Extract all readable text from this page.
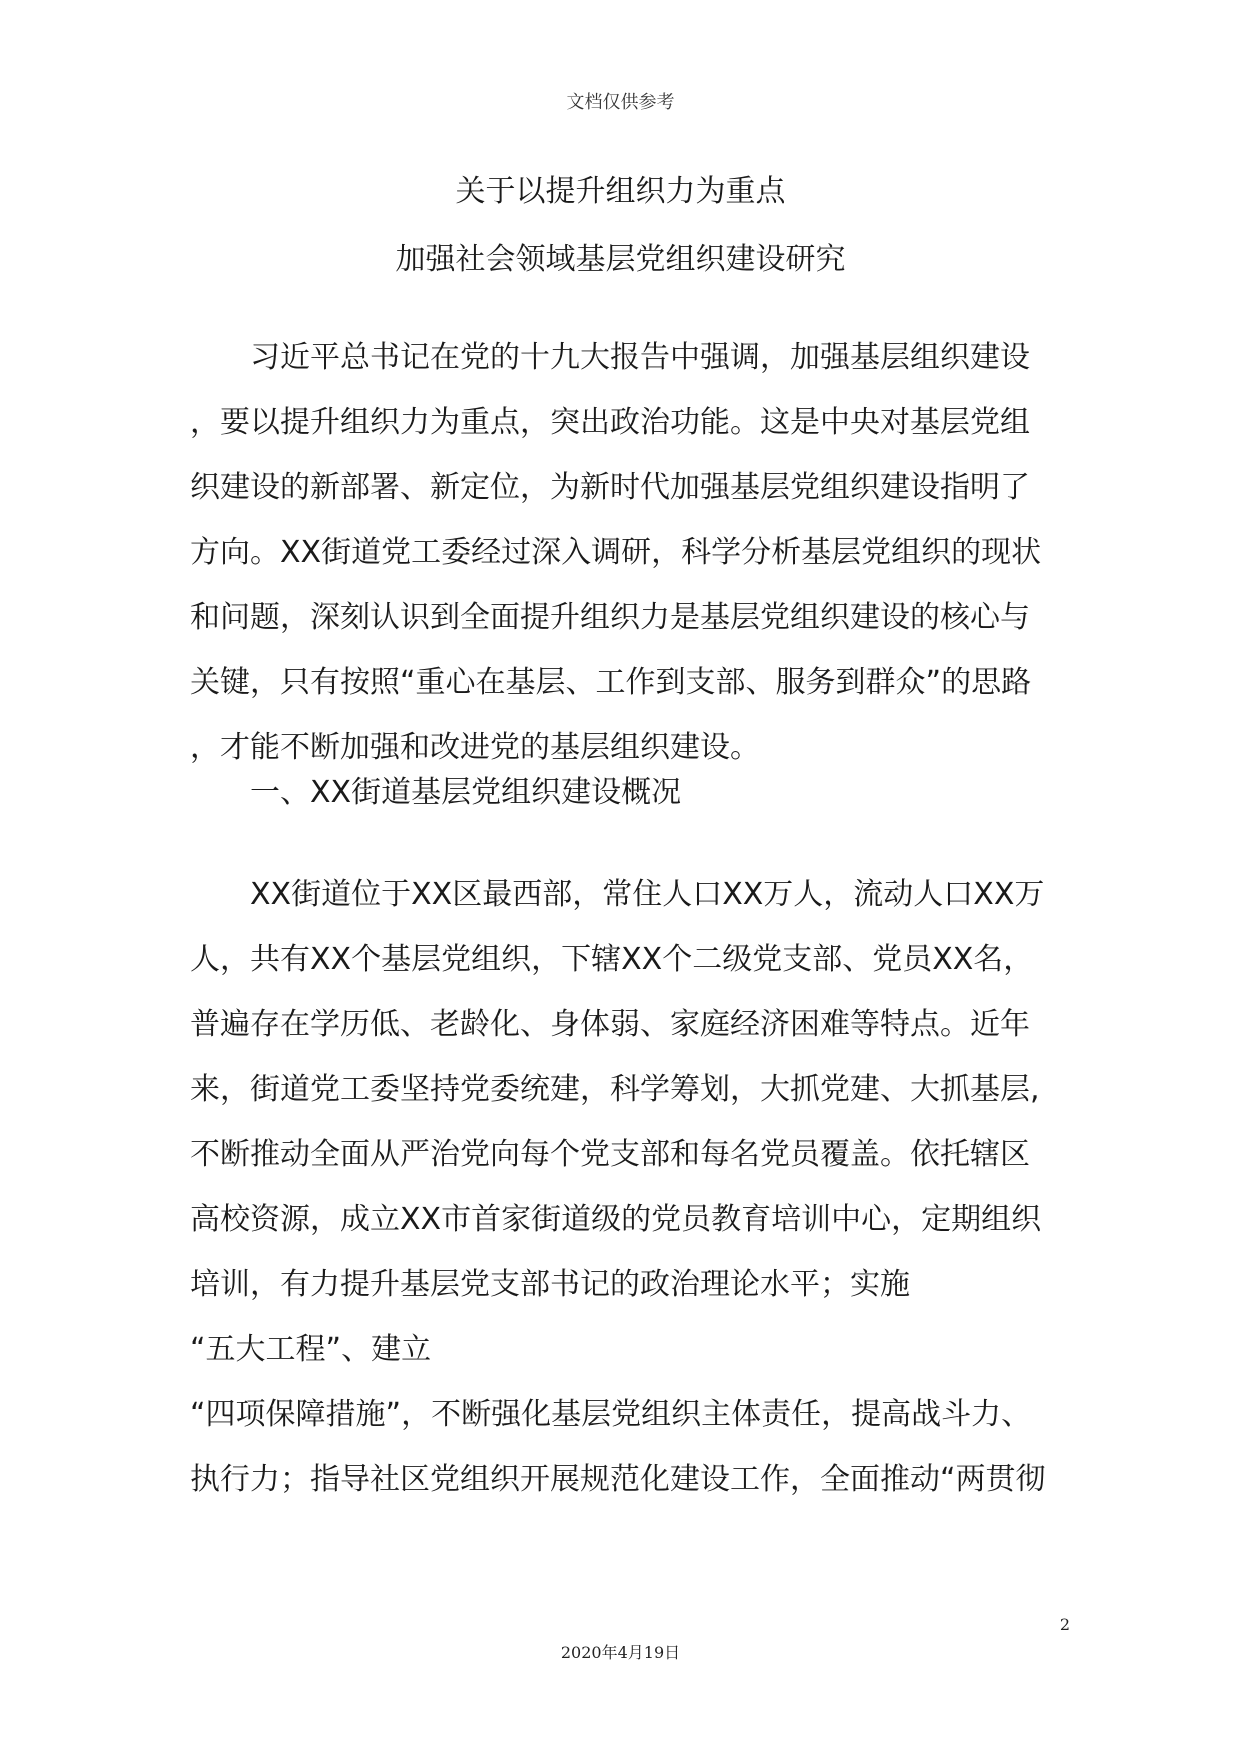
文档仅供参考
关于以提升组织力为重点
加强社会领域基层党组织建设研究
习近平总书记在党的十九大报告中强调，加强基层组织建设
，要以提升组织力为重点，突出政治功能。这是中央对基层党组
织建设的新部署、新定位，为新时代加强基层党组织建设指明了
方向。XX街道党工委经过深入调研，科学分析基层党组织的现状
和问题，深刻认识到全面提升组织力是基层党组织建设的核心与
关键，只有按照“重心在基层、工作到支部、服务到群众”的思路
，才能不断加强和改进党的基层组织建设。
一、XX街道基层党组织建设概况
XX街道位于XX区最西部，常住人口XX万人，流动人口XX万
人，共有XX个基层党组织，下辖XX个二级党支部、党员XX名，
普遍存在学历低、老龄化、身体弱、家庭经济困难等特点。近年
来，街道党工委坚持党委统建，科学筹划，大抓党建、大抓基层,
不断推动全面从严治党向每个党支部和每名党员覆盖。依托辖区
高校资源，成立XX市首家街道级的党员教育培训中心，定期组织
培训，有力提升基层党支部书记的政治理论水平；实施
“五大工程”、建立
“四项保障措施”，不断强化基层党组织主体责任，提高战斗力、
执行力；指导社区党组织开展规范化建设工作，全面推动“两贯彻
2
2020年4月19日
